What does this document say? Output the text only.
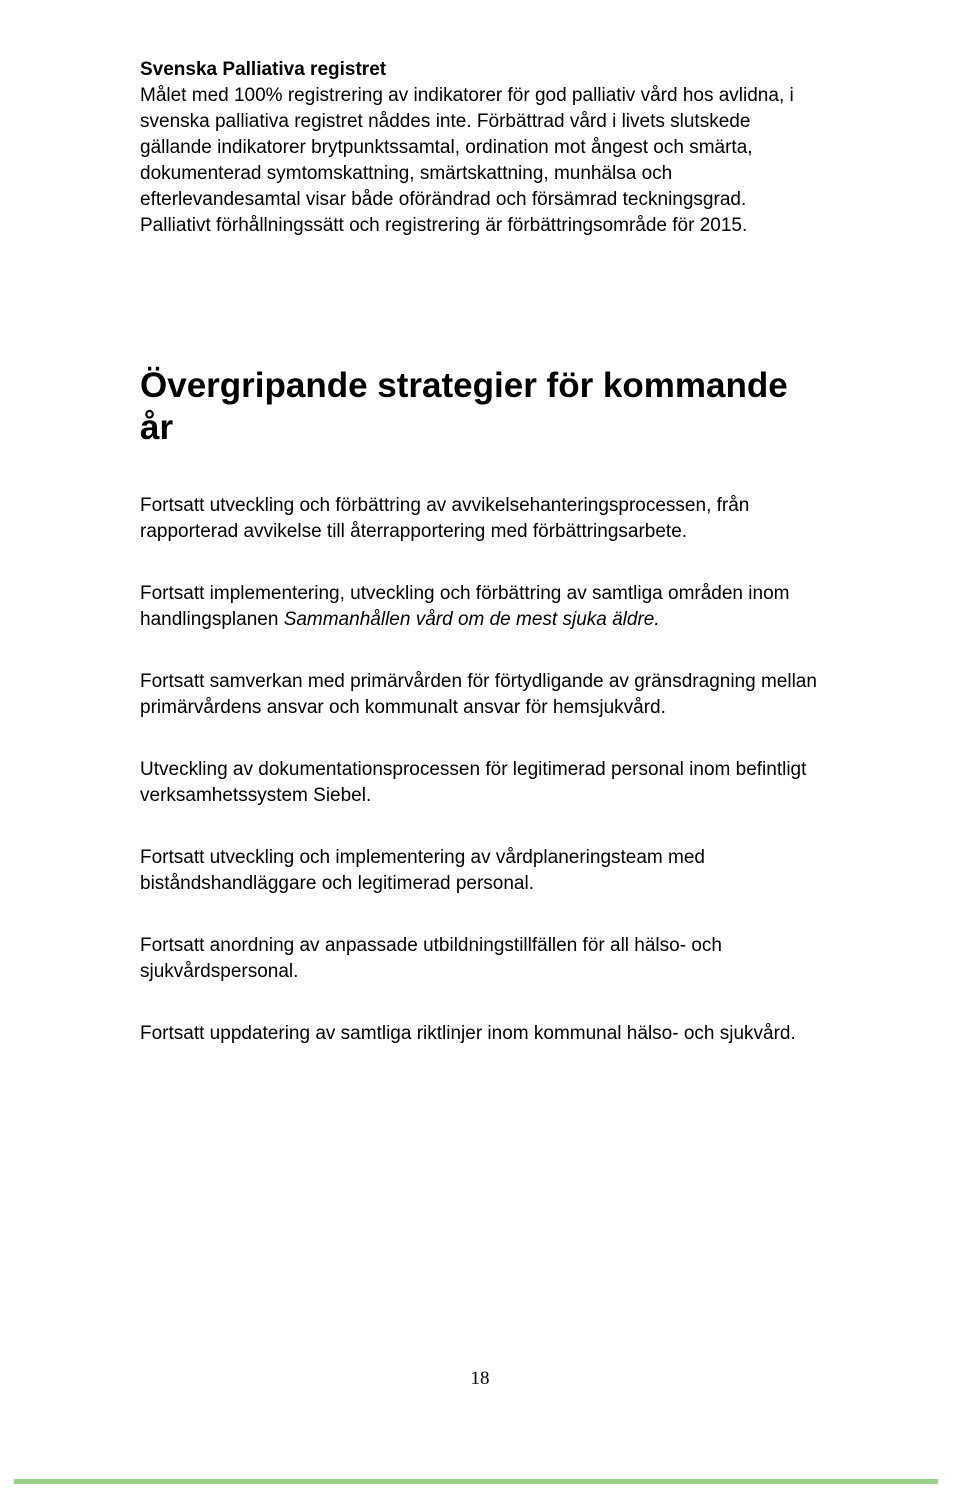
Svenska Palliativa registret

Målet med 100% registrering av indikatorer för god palliativ vård hos avlidna, i svenska palliativa registret nåddes inte. Förbättrad vård i livets slutskede gällande indikatorer brytpunktssamtal, ordination mot ångest och smärta, dokumenterad symtomskattning, smärtskattning, munhälsa och efterlevandesamtal visar både oförändrad och försämrad teckningsgrad. Palliativt förhållningssätt och registrering är förbättringsområde för 2015.

Övergripande strategier för kommande år

Fortsatt utveckling och förbättring av avvikelsehanteringsprocessen, från rapporterad avvikelse till återrapportering med förbättringsarbete.

Fortsatt implementering, utveckling och förbättring av samtliga områden inom handlingsplanen Sammanhållen vård om de mest sjuka äldre.

Fortsatt samverkan med primärvården för förtydligande av gränsdragning mellan primärvårdens ansvar och kommunalt ansvar för hemsjukvård.

Utveckling av dokumentationsprocessen för legitimerad personal inom befintligt verksamhetssystem Siebel.

Fortsatt utveckling och implementering av vårdplaneringsteam med biståndshandläggare och legitimerad personal.

Fortsatt anordning av anpassade utbildningstillfällen för all hälso- och sjukvårdspersonal.

Fortsatt uppdatering av samtliga riktlinjer inom kommunal hälso- och sjukvård.

18
